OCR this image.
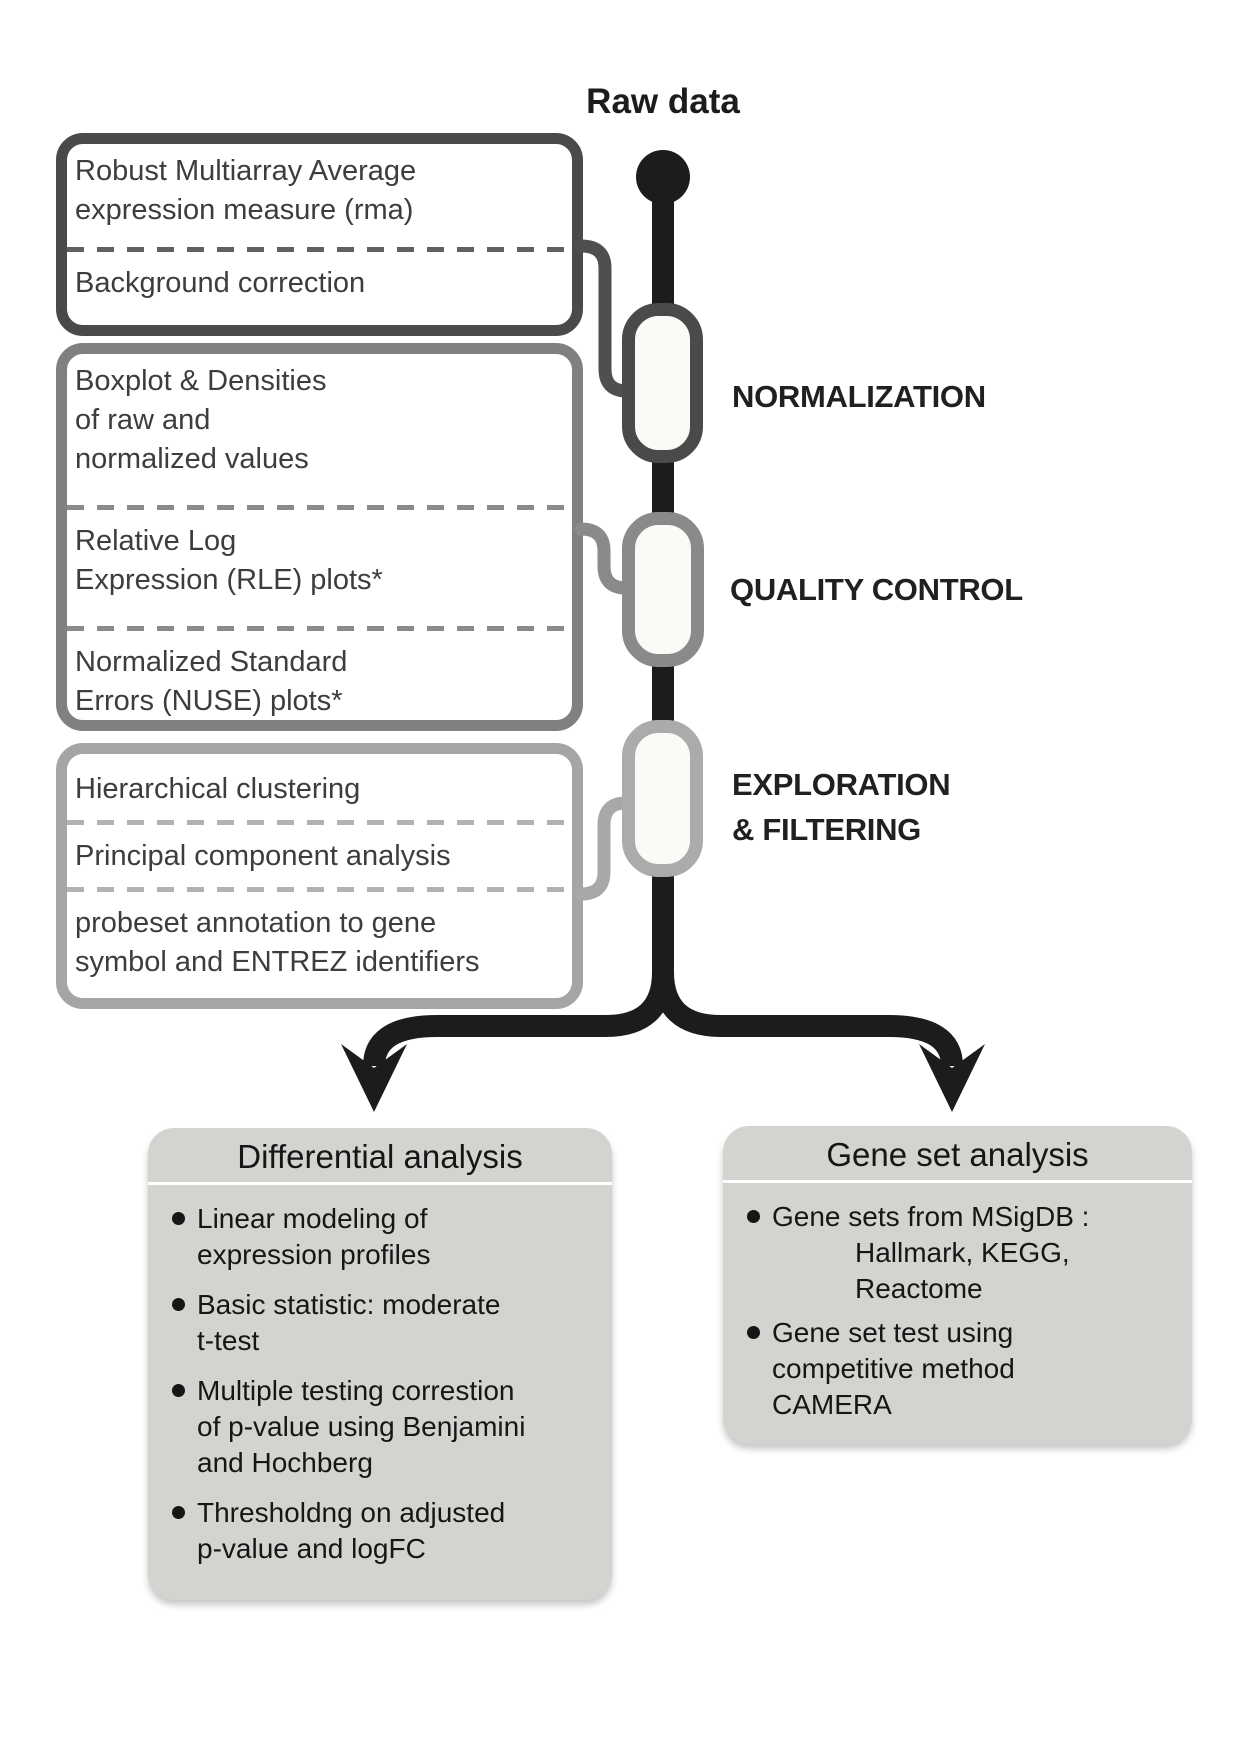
Robust Multiarray Average
expression measure (rma)
Background correction
Boxplot & Densities
of raw and
normalized values
Relative Log
Expression (RLE) plots*
Normalized Standard
Errors (NUSE) plots*
Hierarchical clustering
Principal component analysis
probeset annotation to gene
symbol and ENTREZ identifiers
Raw data
NORMALIZATION
QUALITY CONTROL
EXPLORATION
& FILTERING
Differential analysis
Linear modeling of
expression profiles
Basic statistic: moderate
t-test
Multiple testing correstion
of p-value using Benjamini
and Hochberg
Thresholdng on adjusted
p-value and logFC
Gene set analysis
Gene sets from MSigDB :
Hallmark, KEGG,
Reactome
Gene set test using
competitive method
CAMERA
